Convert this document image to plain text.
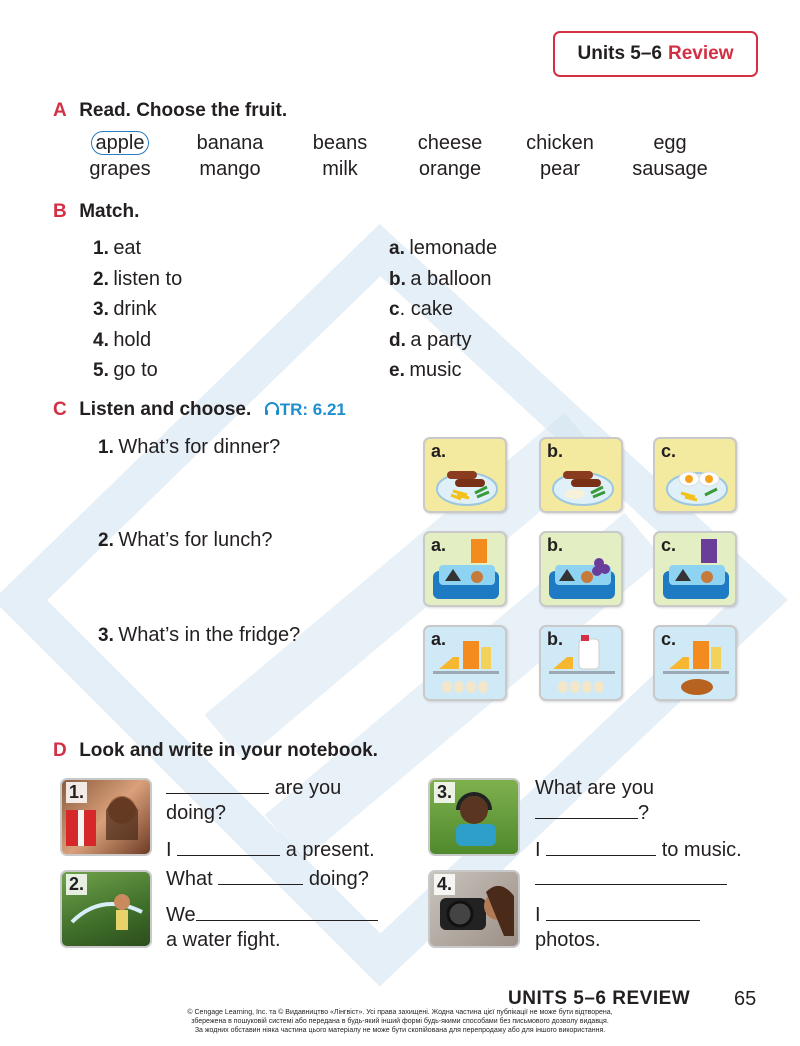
Units 5–6 Review
A Read. Choose the fruit.
apple	banana	beans	cheese	chicken	egg
grapes	mango	milk	orange	pear	sausage
B Match.
1. eat
2. listen to
3. drink
4. hold
5. go to
a. lemonade
b. a balloon
c. cake
d. a party
e. music
C Listen and choose. TR: 6.21
1. What’s for dinner?
2. What’s for lunch?
3. What’s in the fridge?
a.	b.	c.
a.	b.	c.
a.	b.	c.
D Look and write in your notebook.
1.	are you
doing?
I	a present.
2.	What	doing?
We
a water fight.
3.	What are you
?
I	to music.
4.
I
photos.
UNITS 5–6 REVIEW 65
© Cengage Learning, Inc. та © Видавництво «Лінгвіст». Усі права захищені. Жодна частина цієї публікації не може бути відтворена,
збережена в пошуковій системі або передана в будь-який інший формі будь-якими способами без письмового дозволу видавця.
За жодних обставин ніяка частина цього матеріалу не може бути скопійована для перепродажу або для іншого використання.
